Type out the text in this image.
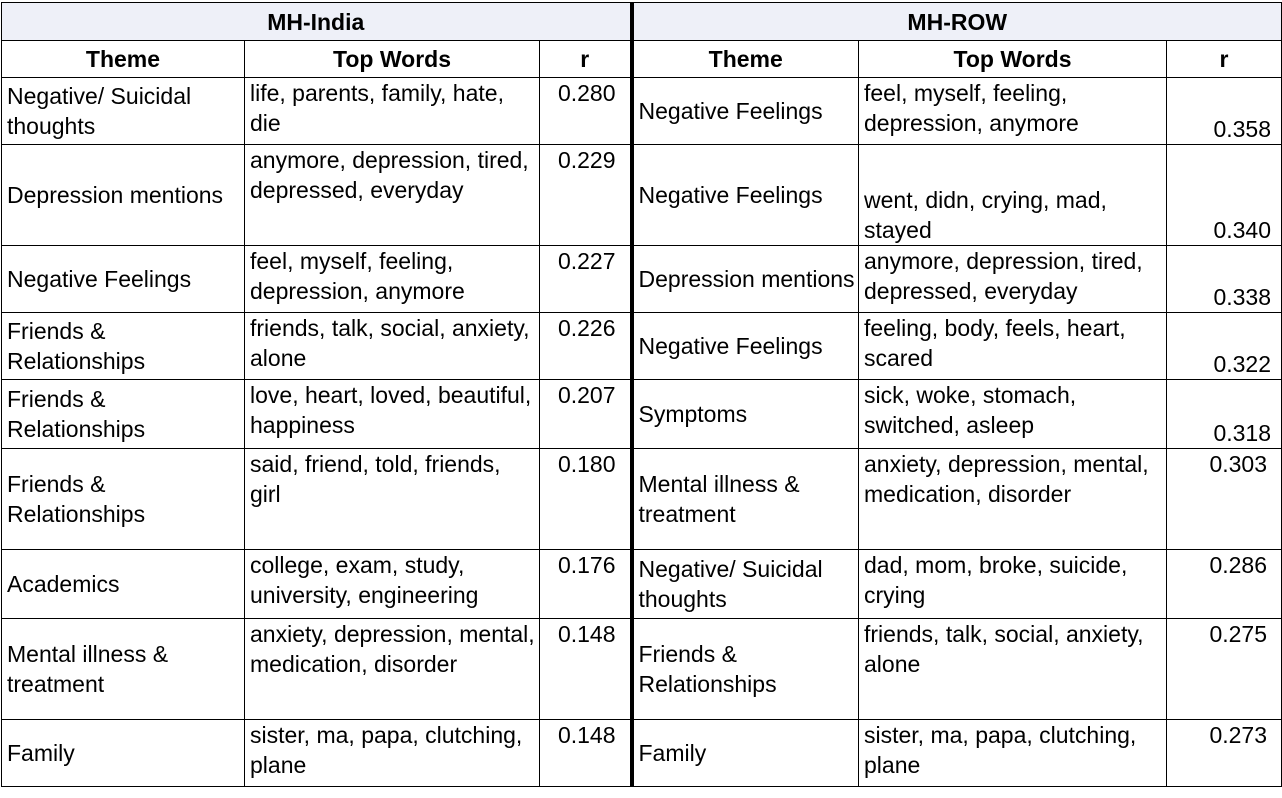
MH-India			MH-ROW		
Theme	Top Words	r	Theme	Top Words	r
Negative/ Suicidal thoughts	life, parents, family, hate, die	0.280	Negative Feelings	feel, myself, feeling, depression, anymore	0.358
Depression mentions	anymore, depression, tired, depressed, everyday	0.229	Negative Feelings	went, didn, crying, mad, stayed	0.340
Negative Feelings	feel, myself, feeling, depression, anymore	0.227	Depression mentions	anymore, depression, tired, depressed, everyday	0.338
Friends & Relationships	friends, talk, social, anxiety, alone	0.226	Negative Feelings	feeling, body, feels, heart, scared	0.322
Friends & Relationships	love, heart, loved, beautiful, happiness	0.207	Symptoms	sick, woke, stomach, switched, asleep	0.318
Friends & Relationships	said, friend, told, friends, girl	0.180	Mental illness & treatment	anxiety, depression, mental, medication, disorder	0.303
Academics	college, exam, study, university, engineering	0.176	Negative/ Suicidal thoughts	dad, mom, broke, suicide, crying	0.286
Mental illness & treatment	anxiety, depression, mental, medication, disorder	0.148	Friends & Relationships	friends, talk, social, anxiety, alone	0.275
Family	sister, ma, papa, clutching, plane	0.148	Family	sister, ma, papa, clutching, plane	0.273
